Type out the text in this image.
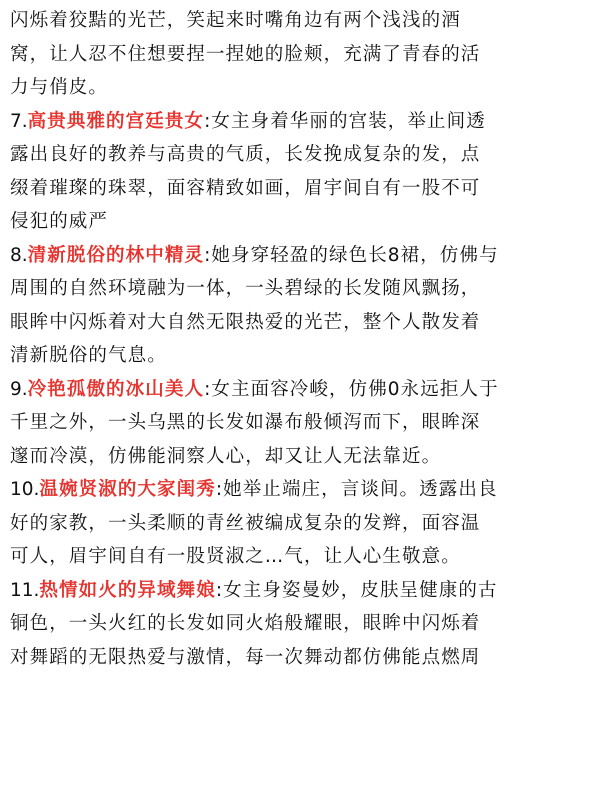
闪烁着狡黠的光芒，笑起来时嘴角边有两个浅浅的酒
窝，让人忍不住想要捏一捏她的脸颊，充满了青春的活
力与俏皮。
7.高贵典雅的宫廷贵女:女主身着华丽的宫装，举止间透
露出良好的教养与高贵的气质，长发挽成复杂的发，点
缀着璀璨的珠翠，面容精致如画，眉宇间自有一股不可
侵犯的威严
8.清新脱俗的林中精灵:她身穿轻盈的绿色长8裙，仿佛与
周围的自然环境融为一体，一头碧绿的长发随风飘扬，
眼眸中闪烁着对大自然无限热爱的光芒，整个人散发着
清新脱俗的气息。
9.冷艳孤傲的冰山美人:女主面容冷峻，仿佛0永远拒人于
千里之外，一头乌黑的长发如瀑布般倾泻而下，眼眸深
邃而冷漠，仿佛能洞察人心，却又让人无法靠近。
10.温婉贤淑的大家闺秀:她举止端庄，言谈间。透露出良
好的家教，一头柔顺的青丝被编成复杂的发辫，面容温
可人，眉宇间自有一股贤淑之…气，让人心生敬意。
11.热情如火的异域舞娘:女主身姿曼妙，皮肤呈健康的古
铜色，一头火红的长发如同火焰般耀眼，眼眸中闪烁着
对舞蹈的无限热爱与激情，每一次舞动都仿佛能点燃周
